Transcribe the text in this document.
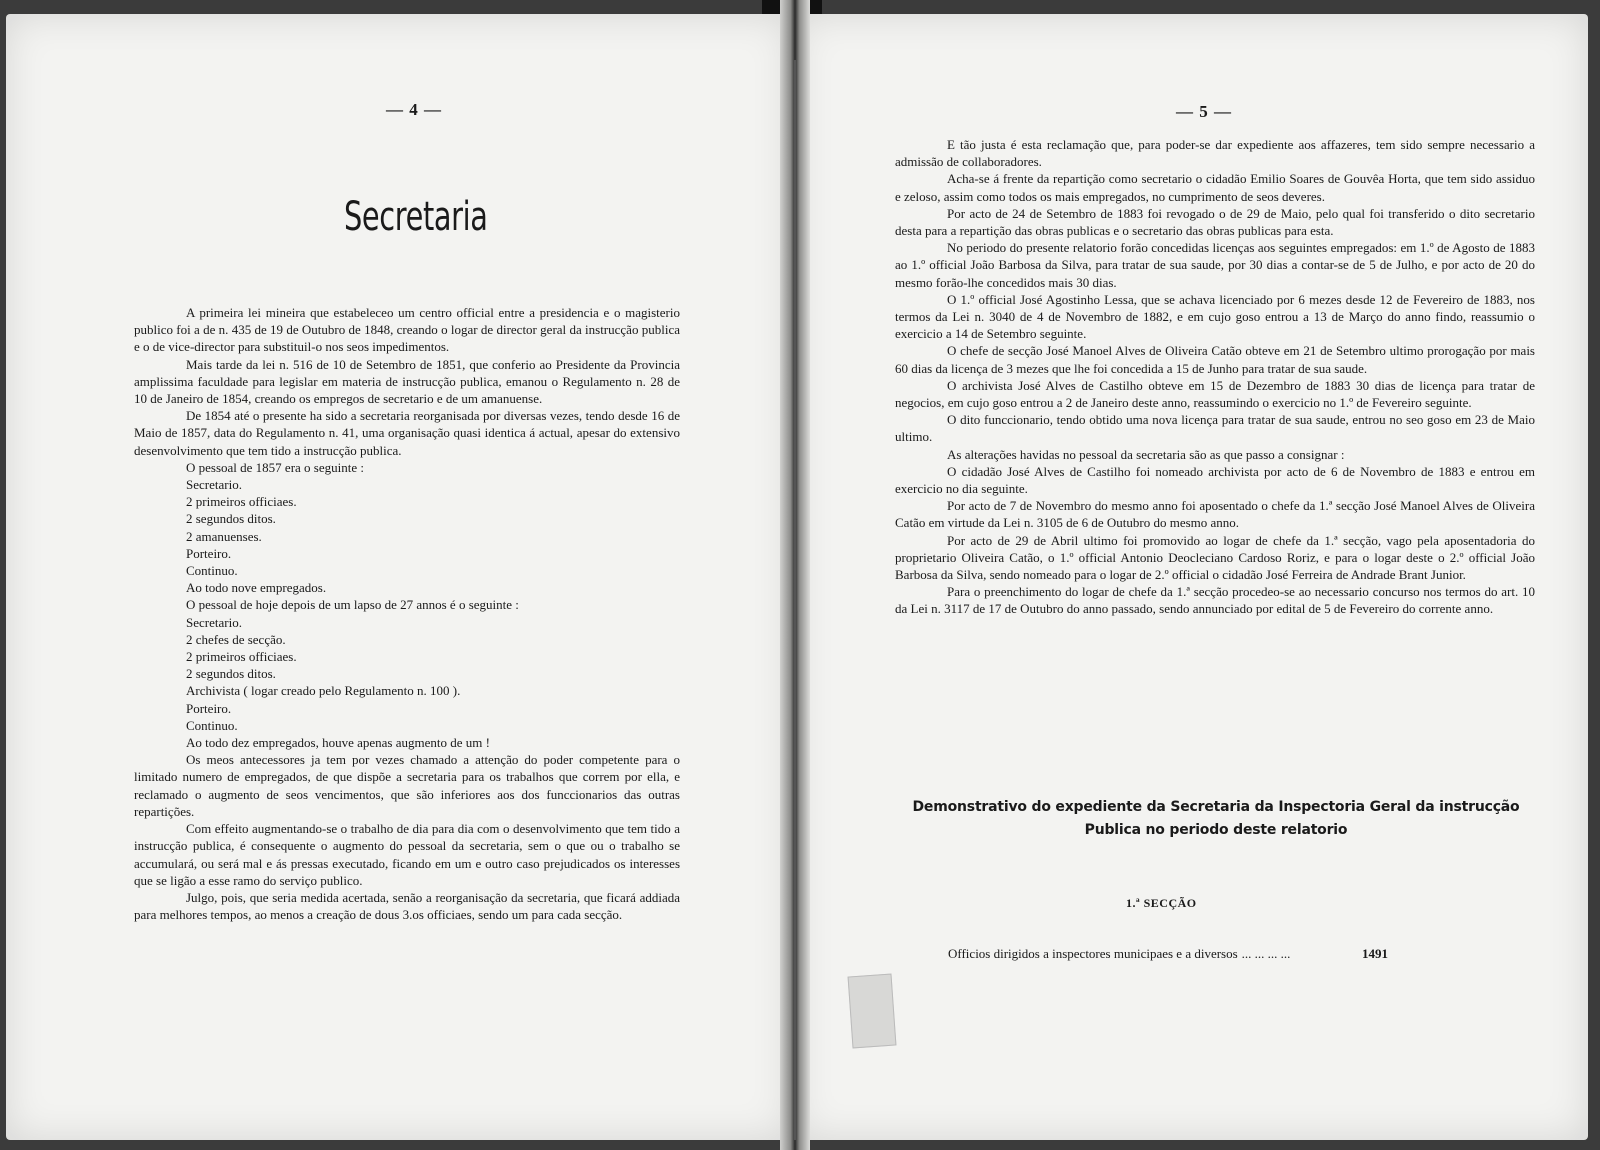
— 4 —
Secretaria

A primeira lei mineira que estabeleceo um centro official entre a presidencia e o magisterio publico foi a de n. 435 de 19 de Outubro de 1848, creando o logar de director geral da instrucção publica e o de vice-director para substituil-o nos seos impedimentos.

Mais tarde da lei n. 516 de 10 de Setembro de 1851, que conferio ao Presidente da Provincia amplissima faculdade para legislar em materia de instrucção publica, emanou o Regulamento n. 28 de 10 de Janeiro de 1854, creando os empregos de secretario e de um amanuense.

De 1854 até o presente ha sido a secretaria reorganisada por diversas vezes, tendo desde 16 de Maio de 1857, data do Regulamento n. 41, uma organisação quasi identica á actual, apesar do extensivo desenvolvimento que tem tido a instrucção publica.

O pessoal de 1857 era o seguinte :

Secretario.

2 primeiros officiaes.

2 segundos ditos.

2 amanuenses.

Porteiro.

Continuo.

Ao todo nove empregados.

O pessoal de hoje depois de um lapso de 27 annos é o seguinte :

Secretario.

2 chefes de secção.

2 primeiros officiaes.

2 segundos ditos.

Archivista ( logar creado pelo Regulamento n. 100 ).

Porteiro.

Continuo.

Ao todo dez empregados, houve apenas augmento de um !

Os meos antecessores ja tem por vezes chamado a attenção do poder competente para o limitado numero de empregados, de que dispõe a secretaria para os trabalhos que correm por ella, e reclamado o augmento de seos vencimentos, que são inferiores aos dos funccionarios das outras repartições.

Com effeito augmentando-se o trabalho de dia para dia com o desenvolvimento que tem tido a instrucção publica, é consequente o augmento do pessoal da secretaria, sem o que ou o trabalho se accumulará, ou será mal e ás pressas executado, ficando em um e outro caso prejudicados os interesses que se ligão a esse ramo do serviço publico.

Julgo, pois, que seria medida acertada, senão a reorganisação da secretaria, que ficará addiada para melhores tempos, ao menos a creação de dous 3.os officiaes, sendo um para cada secção.

— 5 —

E tão justa é esta reclamação que, para poder-se dar expediente aos affazeres, tem sido sempre necessario a admissão de collaboradores.

Acha-se á frente da repartição como secretario o cidadão Emilio Soares de Gouvêa Horta, que tem sido assiduo e zeloso, assim como todos os mais empregados, no cumprimento de seos deveres.

Por acto de 24 de Setembro de 1883 foi revogado o de 29 de Maio, pelo qual foi transferido o dito secretario desta para a repartição das obras publicas e o secretario das obras publicas para esta.

No periodo do presente relatorio forão concedidas licenças aos seguintes empregados: em 1.º de Agosto de 1883 ao 1.º official João Barbosa da Silva, para tratar de sua saude, por 30 dias a contar-se de 5 de Julho, e por acto de 20 do mesmo forão-lhe concedidos mais 30 dias.

O 1.º official José Agostinho Lessa, que se achava licenciado por 6 mezes desde 12 de Fevereiro de 1883, nos termos da Lei n. 3040 de 4 de Novembro de 1882, e em cujo goso entrou a 13 de Março do anno findo, reassumio o exercicio a 14 de Setembro seguinte.

O chefe de secção José Manoel Alves de Oliveira Catão obteve em 21 de Setembro ultimo prorogação por mais 60 dias da licença de 3 mezes que lhe foi concedida a 15 de Junho para tratar de sua saude.

O archivista José Alves de Castilho obteve em 15 de Dezembro de 1883 30 dias de licença para tratar de negocios, em cujo goso entrou a 2 de Janeiro deste anno, reassumindo o exercicio no 1.º de Fevereiro seguinte.

O dito funccionario, tendo obtido uma nova licença para tratar de sua saude, entrou no seo goso em 23 de Maio ultimo.

As alterações havidas no pessoal da secretaria são as que passo a consignar :

O cidadão José Alves de Castilho foi nomeado archivista por acto de 6 de Novembro de 1883 e entrou em exercicio no dia seguinte.

Por acto de 7 de Novembro do mesmo anno foi aposentado o chefe da 1.ª secção José Manoel Alves de Oliveira Catão em virtude da Lei n. 3105 de 6 de Outubro do mesmo anno.

Por acto de 29 de Abril ultimo foi promovido ao logar de chefe da 1.ª secção, vago pela aposentadoria do proprietario Oliveira Catão, o 1.º official Antonio Deocleciano Cardoso Roriz, e para o logar deste o 2.º official João Barbosa da Silva, sendo nomeado para o logar de 2.º official o cidadão José Ferreira de Andrade Brant Junior.

Para o preenchimento do logar de chefe da 1.ª secção procedeo-se ao necessario concurso nos termos do art. 10 da Lei n. 3117 de 17 de Outubro do anno passado, sendo annunciado por edital de 5 de Fevereiro do corrente anno.

Demonstrativo do expediente da Secretaria da Inspectoria Geral da instrucção
Publica no periodo deste relatorio
1.ª SECÇÃO
Officios dirigidos a inspectores municipaes e a diversos ... ... ... ...	1491
